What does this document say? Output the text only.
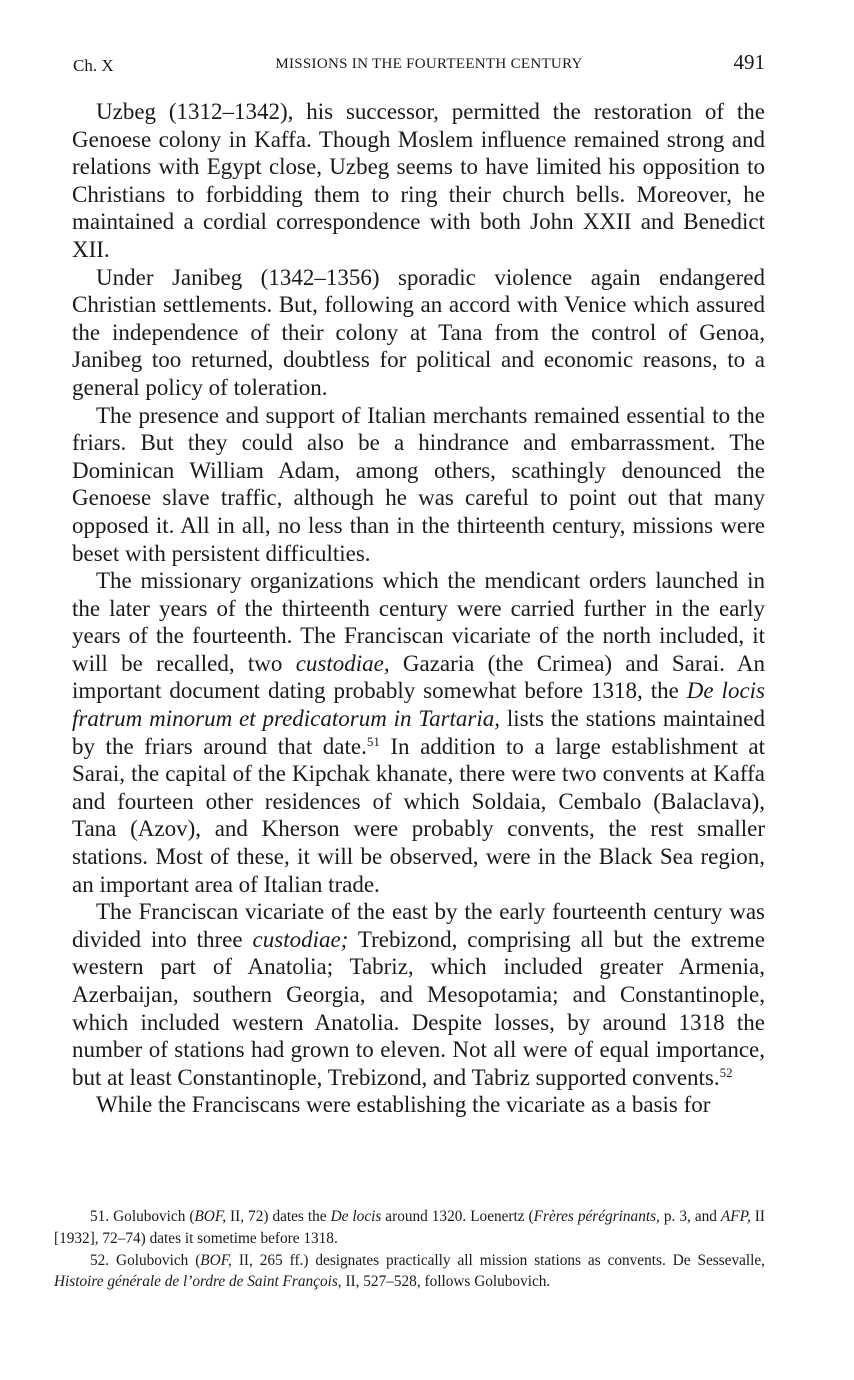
Ch. X	MISSIONS IN THE FOURTEENTH CENTURY	491

Uzbeg (1312–1342), his successor, permitted the restoration of the Genoese colony in Kaffa. Though Moslem influence remained strong and relations with Egypt close, Uzbeg seems to have limited his opposition to Christians to forbidding them to ring their church bells. Moreover, he maintained a cordial correspondence with both John XXII and Benedict XII.

Under Janibeg (1342–1356) sporadic violence again endangered Christian settlements. But, following an accord with Venice which assured the independence of their colony at Tana from the control of Genoa, Janibeg too returned, doubtless for political and economic reasons, to a general policy of toleration.

The presence and support of Italian merchants remained essential to the friars. But they could also be a hindrance and embarrassment. The Dominican William Adam, among others, scathingly denounced the Genoese slave traffic, although he was careful to point out that many opposed it. All in all, no less than in the thirteenth century, missions were beset with persistent difficulties.

The missionary organizations which the mendicant orders launched in the later years of the thirteenth century were carried further in the early years of the fourteenth. The Franciscan vicariate of the north included, it will be recalled, two custodiae, Gazaria (the Crimea) and Sarai. An important document dating probably somewhat before 1318, the De locis fratrum minorum et predicatorum in Tartaria, lists the stations maintained by the friars around that date.$^{51}$ In addition to a large establishment at Sarai, the capital of the Kipchak khanate, there were two convents at Kaffa and fourteen other residences of which Soldaia, Cembalo (Balaclava), Tana (Azov), and Kherson were probably convents, the rest smaller stations. Most of these, it will be observed, were in the Black Sea region, an important area of Italian trade.

The Franciscan vicariate of the east by the early fourteenth century was divided into three custodiae; Trebizond, comprising all but the extreme western part of Anatolia; Tabriz, which included greater Armenia, Azerbaijan, southern Georgia, and Mesopotamia; and Constantinople, which included western Anatolia. Despite losses, by around 1318 the number of stations had grown to eleven. Not all were of equal importance, but at least Constantinople, Trebizond, and Tabriz supported convents.$^{52}$

While the Franciscans were establishing the vicariate as a basis for

51. Golubovich (BOF, II, 72) dates the De locis around 1320. Loenertz (Frères pérégrinants, p. 3, and AFP, II [1932], 72–74) dates it sometime before 1318.

52. Golubovich (BOF, II, 265 ff.) designates practically all mission stations as convents. De Sessevalle, Histoire générale de l’ordre de Saint François, II, 527–528, follows Golubovich.
